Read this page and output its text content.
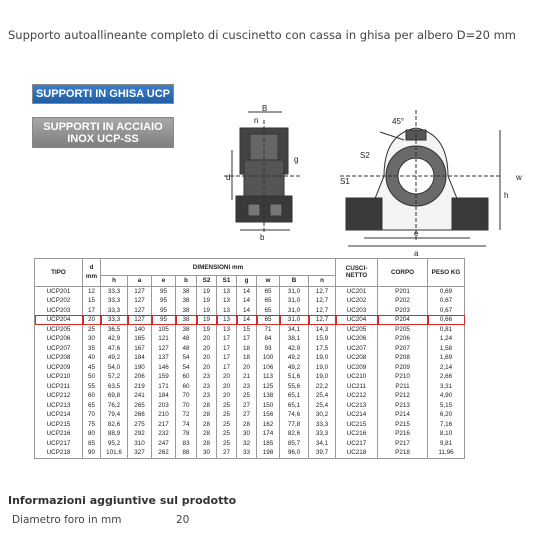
Supporto autoallineante completo di cuscinetto con cassa in ghisa per albero D=20 mm
SUPPORTI IN GHISA UCP
SUPPORTI IN ACCIAIO
INOX UCP-SS
B
n
d
g
b
45°
S2
S1	w
h
e
a
TIPO	d
mm	DIMENSIONI mm										CUSCI-NETTO	CORPO	PESO KG
		h	a	e	b	S2	S1	g	w	B	n			
UCP201	12	33,3	127	95	38	19	13	14	65	31,0	12,7	UC201	P201	0,69
UCP202	15	33,3	127	95	38	19	13	14	65	31,0	12,7	UC202	P202	0,67
UCP203	17	33,3	127	95	38	19	13	14	65	31,0	12,7	UC203	P203	0,67
UCP204	20	33,3	127	95	38	19	13	14	65	31,0	12,7	UC204	P204	0,66
UCP205	25	36,5	140	105	38	19	13	15	71	34,1	14,3	UC205	P205	0,81
UCP206	30	42,9	165	121	48	20	17	17	84	38,1	15,9	UC206	P206	1,24
UCP207	35	47,6	167	127	48	20	17	18	93	42,9	17,5	UC207	P207	1,58
UCP208	40	49,2	184	137	54	20	17	18	100	49,2	19,0	UC208	P208	1,69
UCP209	45	54,0	190	146	54	20	17	20	106	49,2	19,0	UC209	P209	2,14
UCP210	50	57,2	206	159	60	23	20	21	113	51,6	19,0	UC210	P210	2,66
UCP211	55	63,5	219	171	60	23	20	23	125	55,6	22,2	UC211	P211	3,31
UCP212	60	69,8	241	184	70	23	20	25	138	65,1	25,4	UC212	P212	4,90
UCP213	65	76,2	265	203	70	28	25	27	150	65,1	25,4	UC213	P213	5,15
UCP214	70	79,4	266	210	72	28	25	27	156	74,6	30,2	UC214	P214	6,20
UCP215	75	82,6	275	217	74	28	25	28	162	77,8	33,3	UC215	P215	7,16
UCP216	80	88,9	292	232	78	28	25	30	174	82,6	33,3	UC216	P216	8,10
UCP217	85	95,2	310	247	83	28	25	32	185	85,7	34,1	UC217	P217	9,81
UCP218	90	101,6	327	262	88	30	27	33	198	96,0	39,7	UC218	P218	11,96
Informazioni aggiuntive sul prodotto
Diametro foro in mm	20
